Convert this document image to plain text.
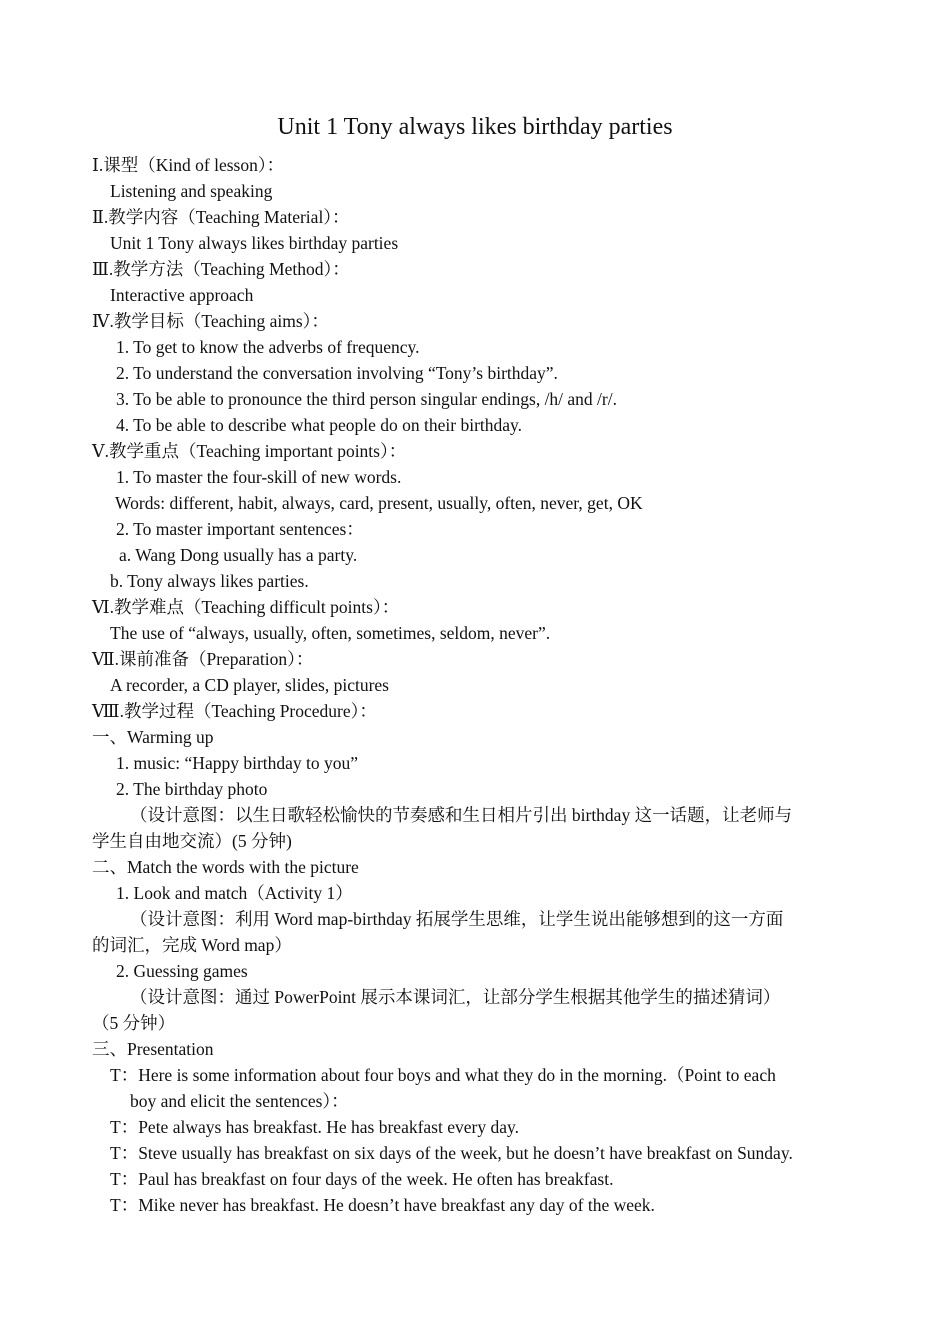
Unit 1 Tony always likes birthday parties
Ⅰ.课型（Kind of lesson）：
Listening and speaking
Ⅱ.教学内容（Teaching Material）：
Unit 1 Tony always likes birthday parties
Ⅲ.教学方法（Teaching Method）：
Interactive approach
Ⅳ.教学目标（Teaching aims）：
1. To get to know the adverbs of frequency.
2. To understand the conversation involving “Tony’s birthday”.
3. To be able to pronounce the third person singular endings, /h/ and /r/.
4. To be able to describe what people do on their birthday.
Ⅴ.教学重点（Teaching important points）：
1. To master the four-skill of new words.
Words: different, habit, always, card, present, usually, often, never, get, OK
2. To master important sentences：
a. Wang Dong usually has a party.
b. Tony always likes parties.
Ⅵ.教学难点（Teaching difficult points）：
The use of “always, usually, often, sometimes, seldom, never”.
Ⅶ.课前准备（Preparation）：
A recorder, a CD player, slides, pictures
Ⅷ.教学过程（Teaching Procedure）：
一、Warming up
1. music: “Happy birthday to you”
2. The birthday photo
（设计意图：以生日歌轻松愉快的节奏感和生日相片引出 birthday 这一话题，让老师与
学生自由地交流）(5 分钟)
二、Match the words with the picture
1. Look and match（Activity 1）
（设计意图：利用 Word map-birthday 拓展学生思维，让学生说出能够想到的这一方面
的词汇，完成 Word map）
2. Guessing games
（设计意图：通过 PowerPoint 展示本课词汇，让部分学生根据其他学生的描述猜词）
（5 分钟）
三、Presentation
T：Here is some information about four boys and what they do in the morning.（Point to each
boy and elicit the sentences）：
T：Pete always has breakfast. He has breakfast every day.
T：Steve usually has breakfast on six days of the week, but he doesn’t have breakfast on Sunday.
T：Paul has breakfast on four days of the week. He often has breakfast.
T：Mike never has breakfast. He doesn’t have breakfast any day of the week.
